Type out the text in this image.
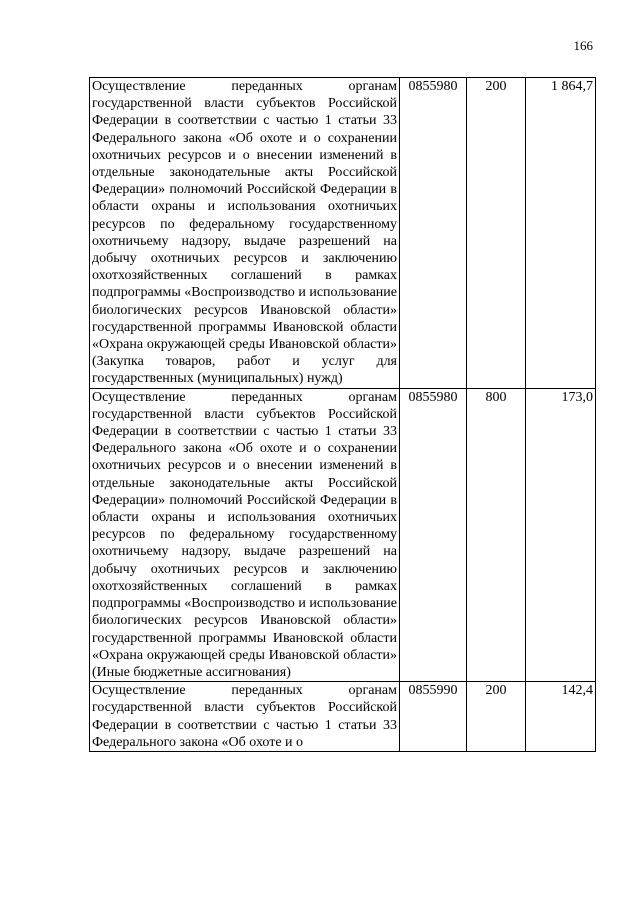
166
Осуществление переданных органам государственной власти субъектов Российской Федерации в соответствии с частью 1 статьи 33 Федерального закона «Об охоте и о сохранении охотничьих ресурсов и о внесении изменений в отдельные законодательные акты Российской Федерации» полномочий Российской Федерации в области охраны и использования охотничьих ресурсов по федеральному государственному охотничьему надзору, выдаче разрешений на добычу охотничьих ресурсов и заключению охотхозяйственных соглашений в рамках подпрограммы «Воспроизводство и использование биологических ресурсов Ивановской области» государственной программы Ивановской области «Охрана окружающей среды Ивановской области» (Закупка товаров, работ и услуг для государственных (муниципальных) нужд)	0855980	200	1 864,7
Осуществление переданных органам государственной власти субъектов Российской Федерации в соответствии с частью 1 статьи 33 Федерального закона «Об охоте и о сохранении охотничьих ресурсов и о внесении изменений в отдельные законодательные акты Российской Федерации» полномочий Российской Федерации в области охраны и использования охотничьих ресурсов по федеральному государственному охотничьему надзору, выдаче разрешений на добычу охотничьих ресурсов и заключению охотхозяйственных соглашений в рамках подпрограммы «Воспроизводство и использование биологических ресурсов Ивановской области» государственной программы Ивановской области «Охрана окружающей среды Ивановской области» (Иные бюджетные ассигнования)	0855980	800	173,0
Осуществление переданных органам государственной власти субъектов Российской Федерации в соответствии с частью 1 статьи 33 Федерального закона «Об охоте и о	0855990	200	142,4
